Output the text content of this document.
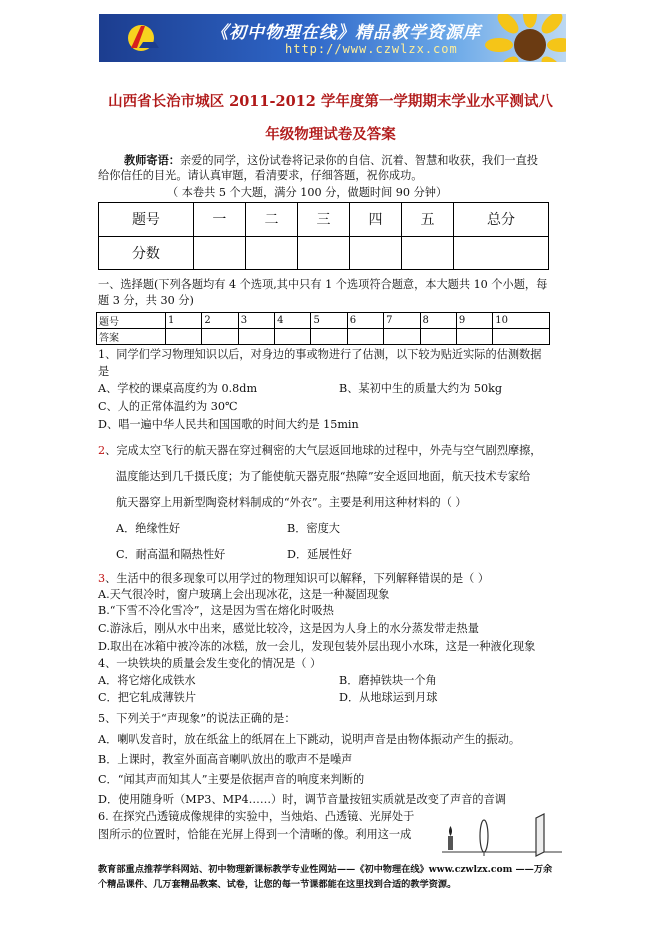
《初中物理在线》精品教学资源库
http://www.czwlzx.com
山西省长治市城区 2011-2012 学年度第一学期期末学业水平测试八
年级物理试卷及答案
教师寄语：亲爱的同学，这份试卷将记录你的自信、沉着、智慧和收获，我们一直投
给你信任的目光。请认真审题，看清要求，仔细答题，祝你成功。
（ 本卷共 5 个大题，满分 100 分，做题时间 90 分钟）
题号	一	二	三	四	五	总分
分数						
一、选择题(下列各题均有 4 个选项,其中只有 1 个选项符合题意，本大题共 10 个小题，每
题 3 分，共 30 分)
题号	1	2	3	4	5	6	7	8	9	10
答案										
1、同学们学习物理知识以后，对身边的事或物进行了估测，以下较为贴近实际的估测数据
是
A、学校的课桌高度约为 0.8dm	B、某初中生的质量大约为 50kg
C、人的正常体温约为 30℃
D、唱一遍中华人民共和国国歌的时间大约是 15min
2、完成太空飞行的航天器在穿过稠密的大气层返回地球的过程中，外壳与空气剧烈摩擦，
温度能达到几千摄氏度；为了能使航天器克服“热障”安全返回地面，航天技术专家给
航天器穿上用新型陶瓷材料制成的“外衣”。主要是利用这种材料的（ ）
A．绝缘性好	B．密度大
C．耐高温和隔热性好	D．延展性好
3、生活中的很多现象可以用学过的物理知识可以解释，下列解释错误的是（ ）
A.天气很冷时，窗户玻璃上会出现冰花，这是一种凝固现象
B.“下雪不冷化雪冷”，这是因为雪在熔化时吸热
C.游泳后，刚从水中出来，感觉比较冷，这是因为人身上的水分蒸发带走热量
D.取出在冰箱中被冷冻的冰糕，放一会儿，发现包装外层出现小水珠，这是一种液化现象
4、一块铁块的质量会发生变化的情况是（ ）
A．将它熔化成铁水	B．磨掉铁块一个角
C．把它轧成薄铁片	D．从地球运到月球
5、下列关于“声现象”的说法正确的是：
A．喇叭发音时，放在纸盆上的纸屑在上下跳动，说明声音是由物体振动产生的振动。
B．上课时，教室外面高音喇叭放出的歌声不是噪声
C．“闻其声而知其人”主要是依据声音的响度来判断的
D．使用随身听（MP3、MP4……）时，调节音量按钮实质就是改变了声音的音调
6. 在探究凸透镜成像规律的实验中，当烛焰、凸透镜、光屏处于
图所示的位置时，恰能在光屏上得到一个清晰的像。利用这一成
教育部重点推荐学科网站、初中物理新课标教学专业性网站——《初中物理在线》www.czwlzx.com ——万余
个精品课件、几万套精品教案、试卷，让您的每一节课都能在这里找到合适的教学资源。
